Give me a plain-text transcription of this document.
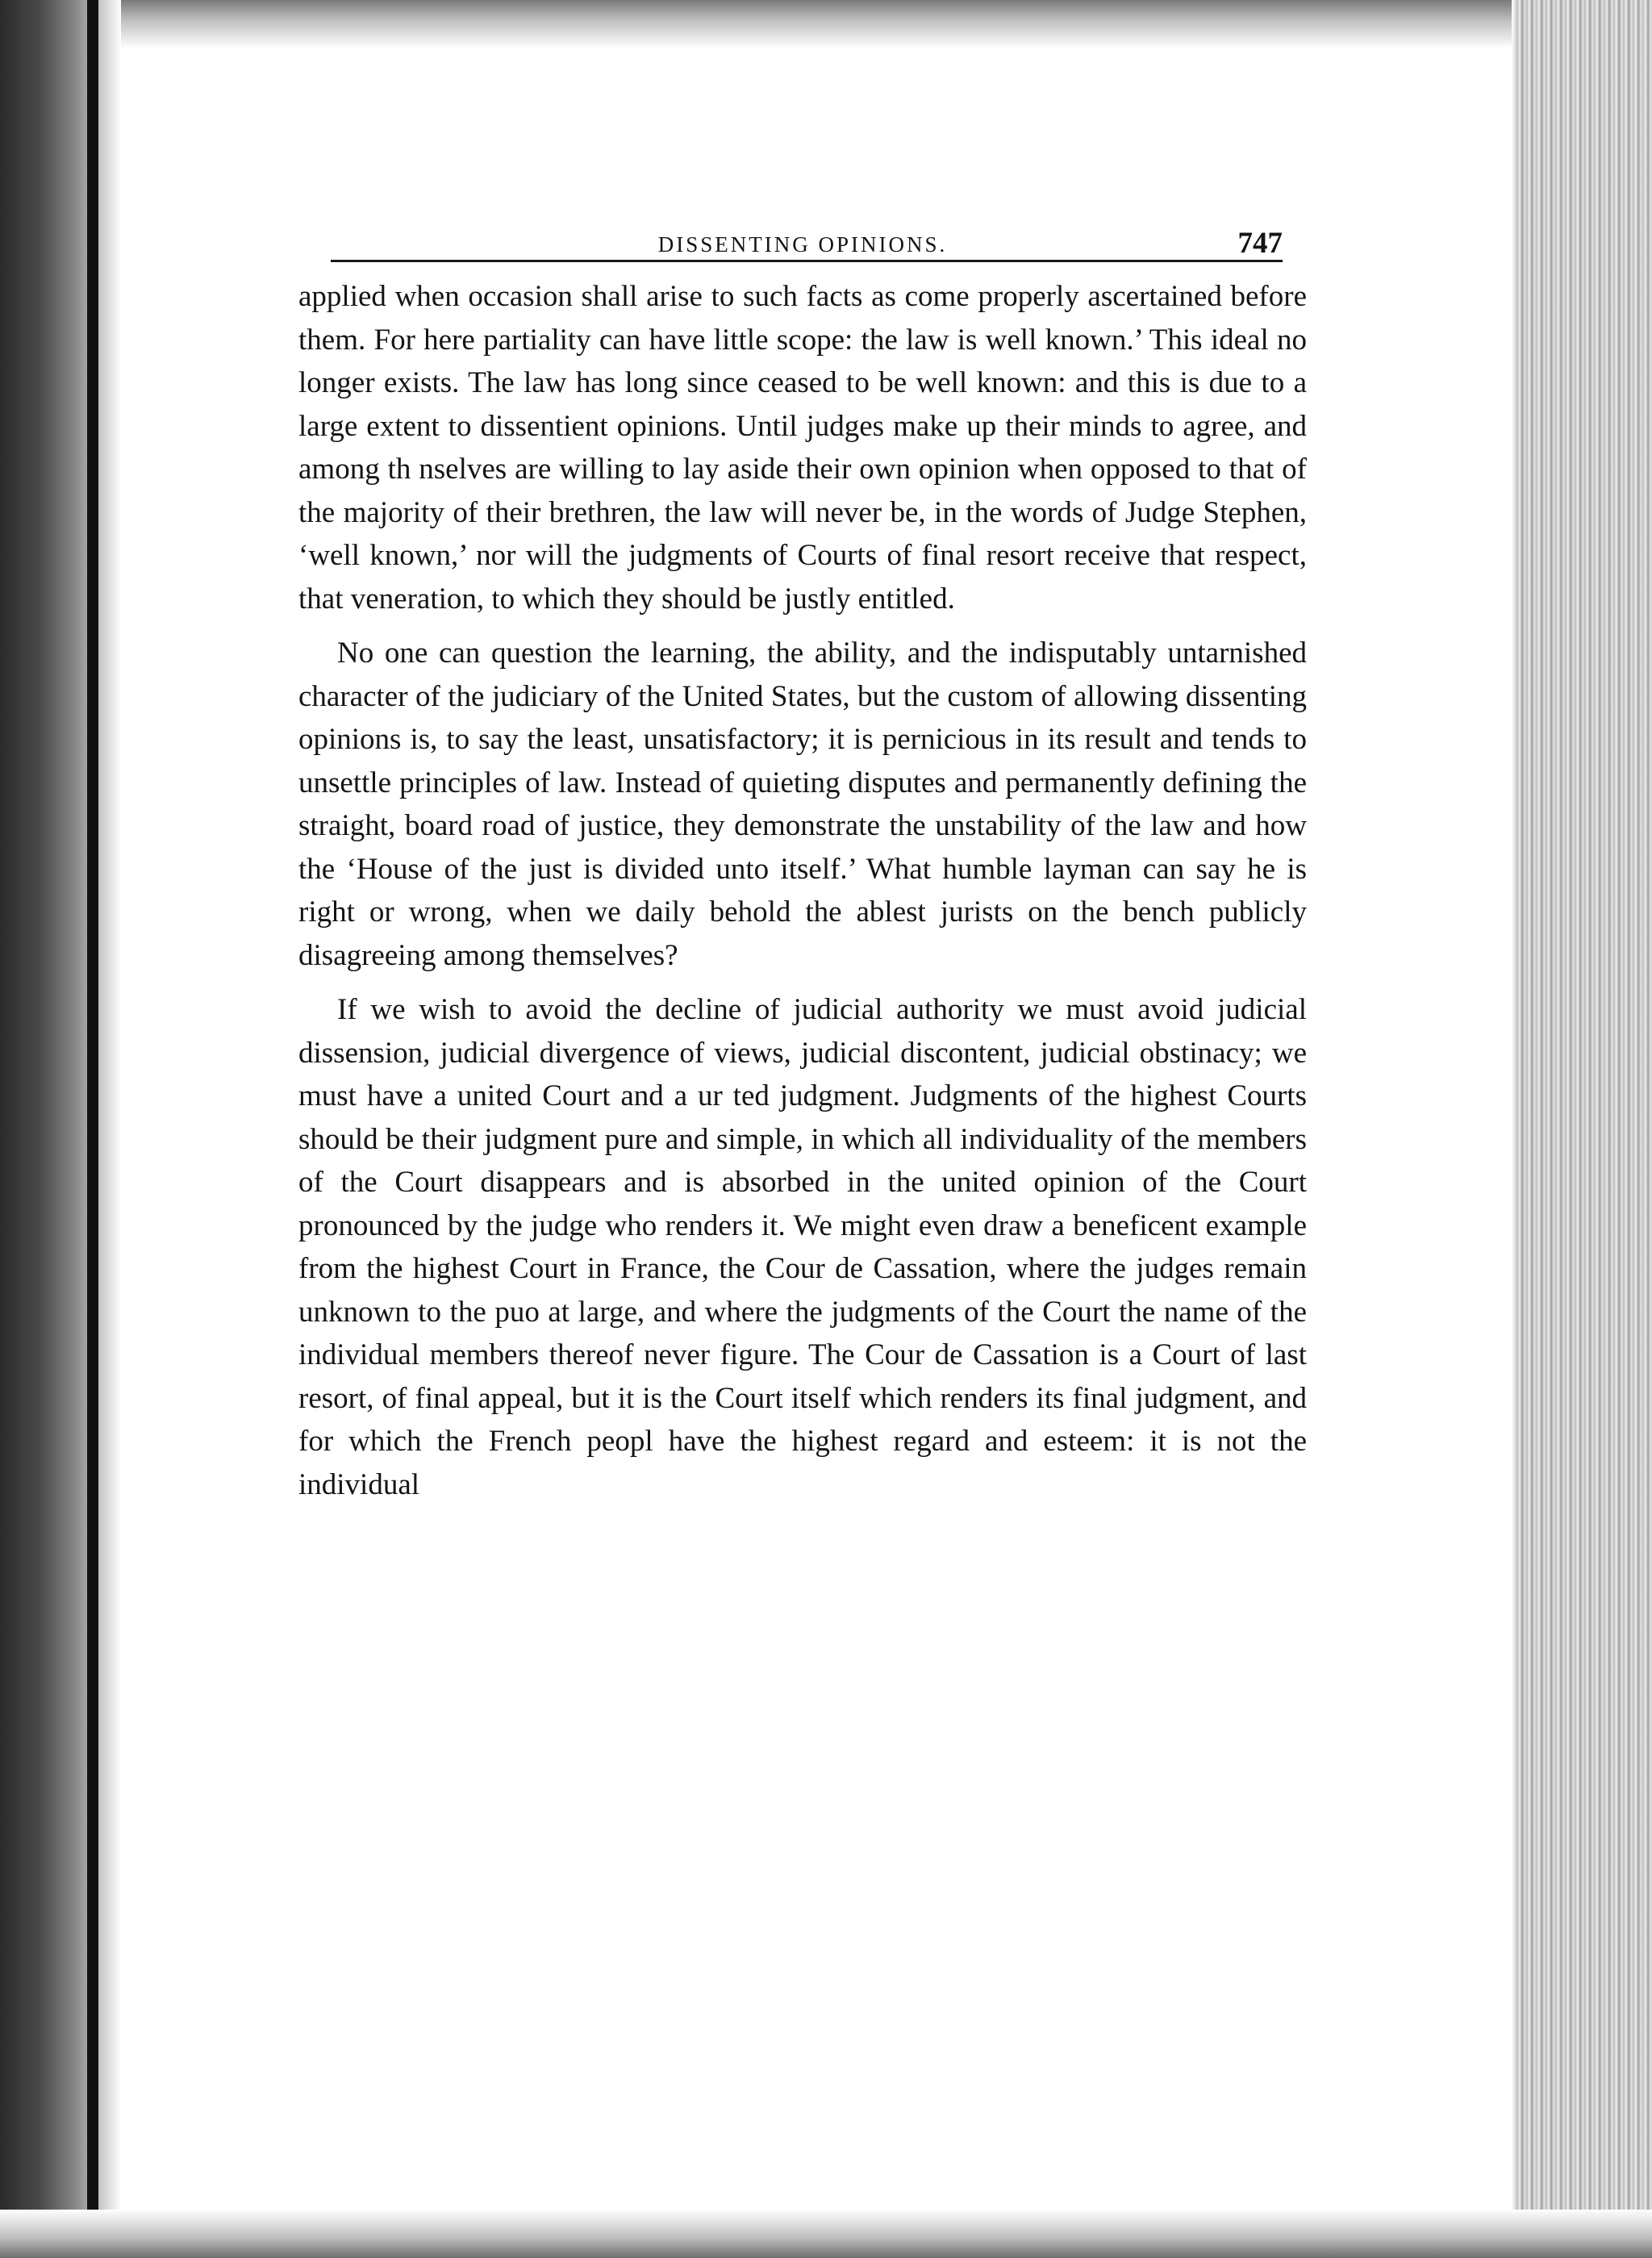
DISSENTING OPINIONS.	747

applied when occasion shall arise to such facts as come properly ascertained before them. For here partiality can have little scope: the law is well known.’ This ideal no longer exists. The law has long since ceased to be well known: and this is due to a large extent to dissentient opinions. Until judges make up their minds to agree, and among th nselves are willing to lay aside their own opinion when opposed to that of the majority of their brethren, the law will never be, in the words of Judge Stephen, ‘well known,’ nor will the judgments of Courts of final resort receive that respect, that veneration, to which they should be justly entitled.

No one can question the learning, the ability, and the indisputably untarnished character of the judiciary of the United States, but the custom of allowing dissenting opinions is, to say the least, unsatisfactory; it is pernicious in its result and tends to unsettle principles of law. Instead of quieting disputes and permanently defining the straight, board road of justice, they demonstrate the unstability of the law and how the ‘House of the just is divided unto itself.’ What humble layman can say he is right or wrong, when we daily behold the ablest jurists on the bench publicly disagreeing among themselves?

If we wish to avoid the decline of judicial authority we must avoid judicial dissension, judicial divergence of views, judicial discontent, judicial obstinacy; we must have a united Court and a ur ted judgment. Judgments of the highest Courts should be their judgment pure and simple, in which all individuality of the members of the Court disappears and is absorbed in the united opinion of the Court pronounced by the judge who renders it. We might even draw a beneficent example from the highest Court in France, the Cour de Cassation, where the judges remain unknown to the puo at large, and where the judgments of the Court the name of the individual members thereof never figure. The Cour de Cassation is a Court of last resort, of final appeal, but it is the Court itself which renders its final judgment, and for which the French peopl have the highest regard and esteem: it is not the individual
